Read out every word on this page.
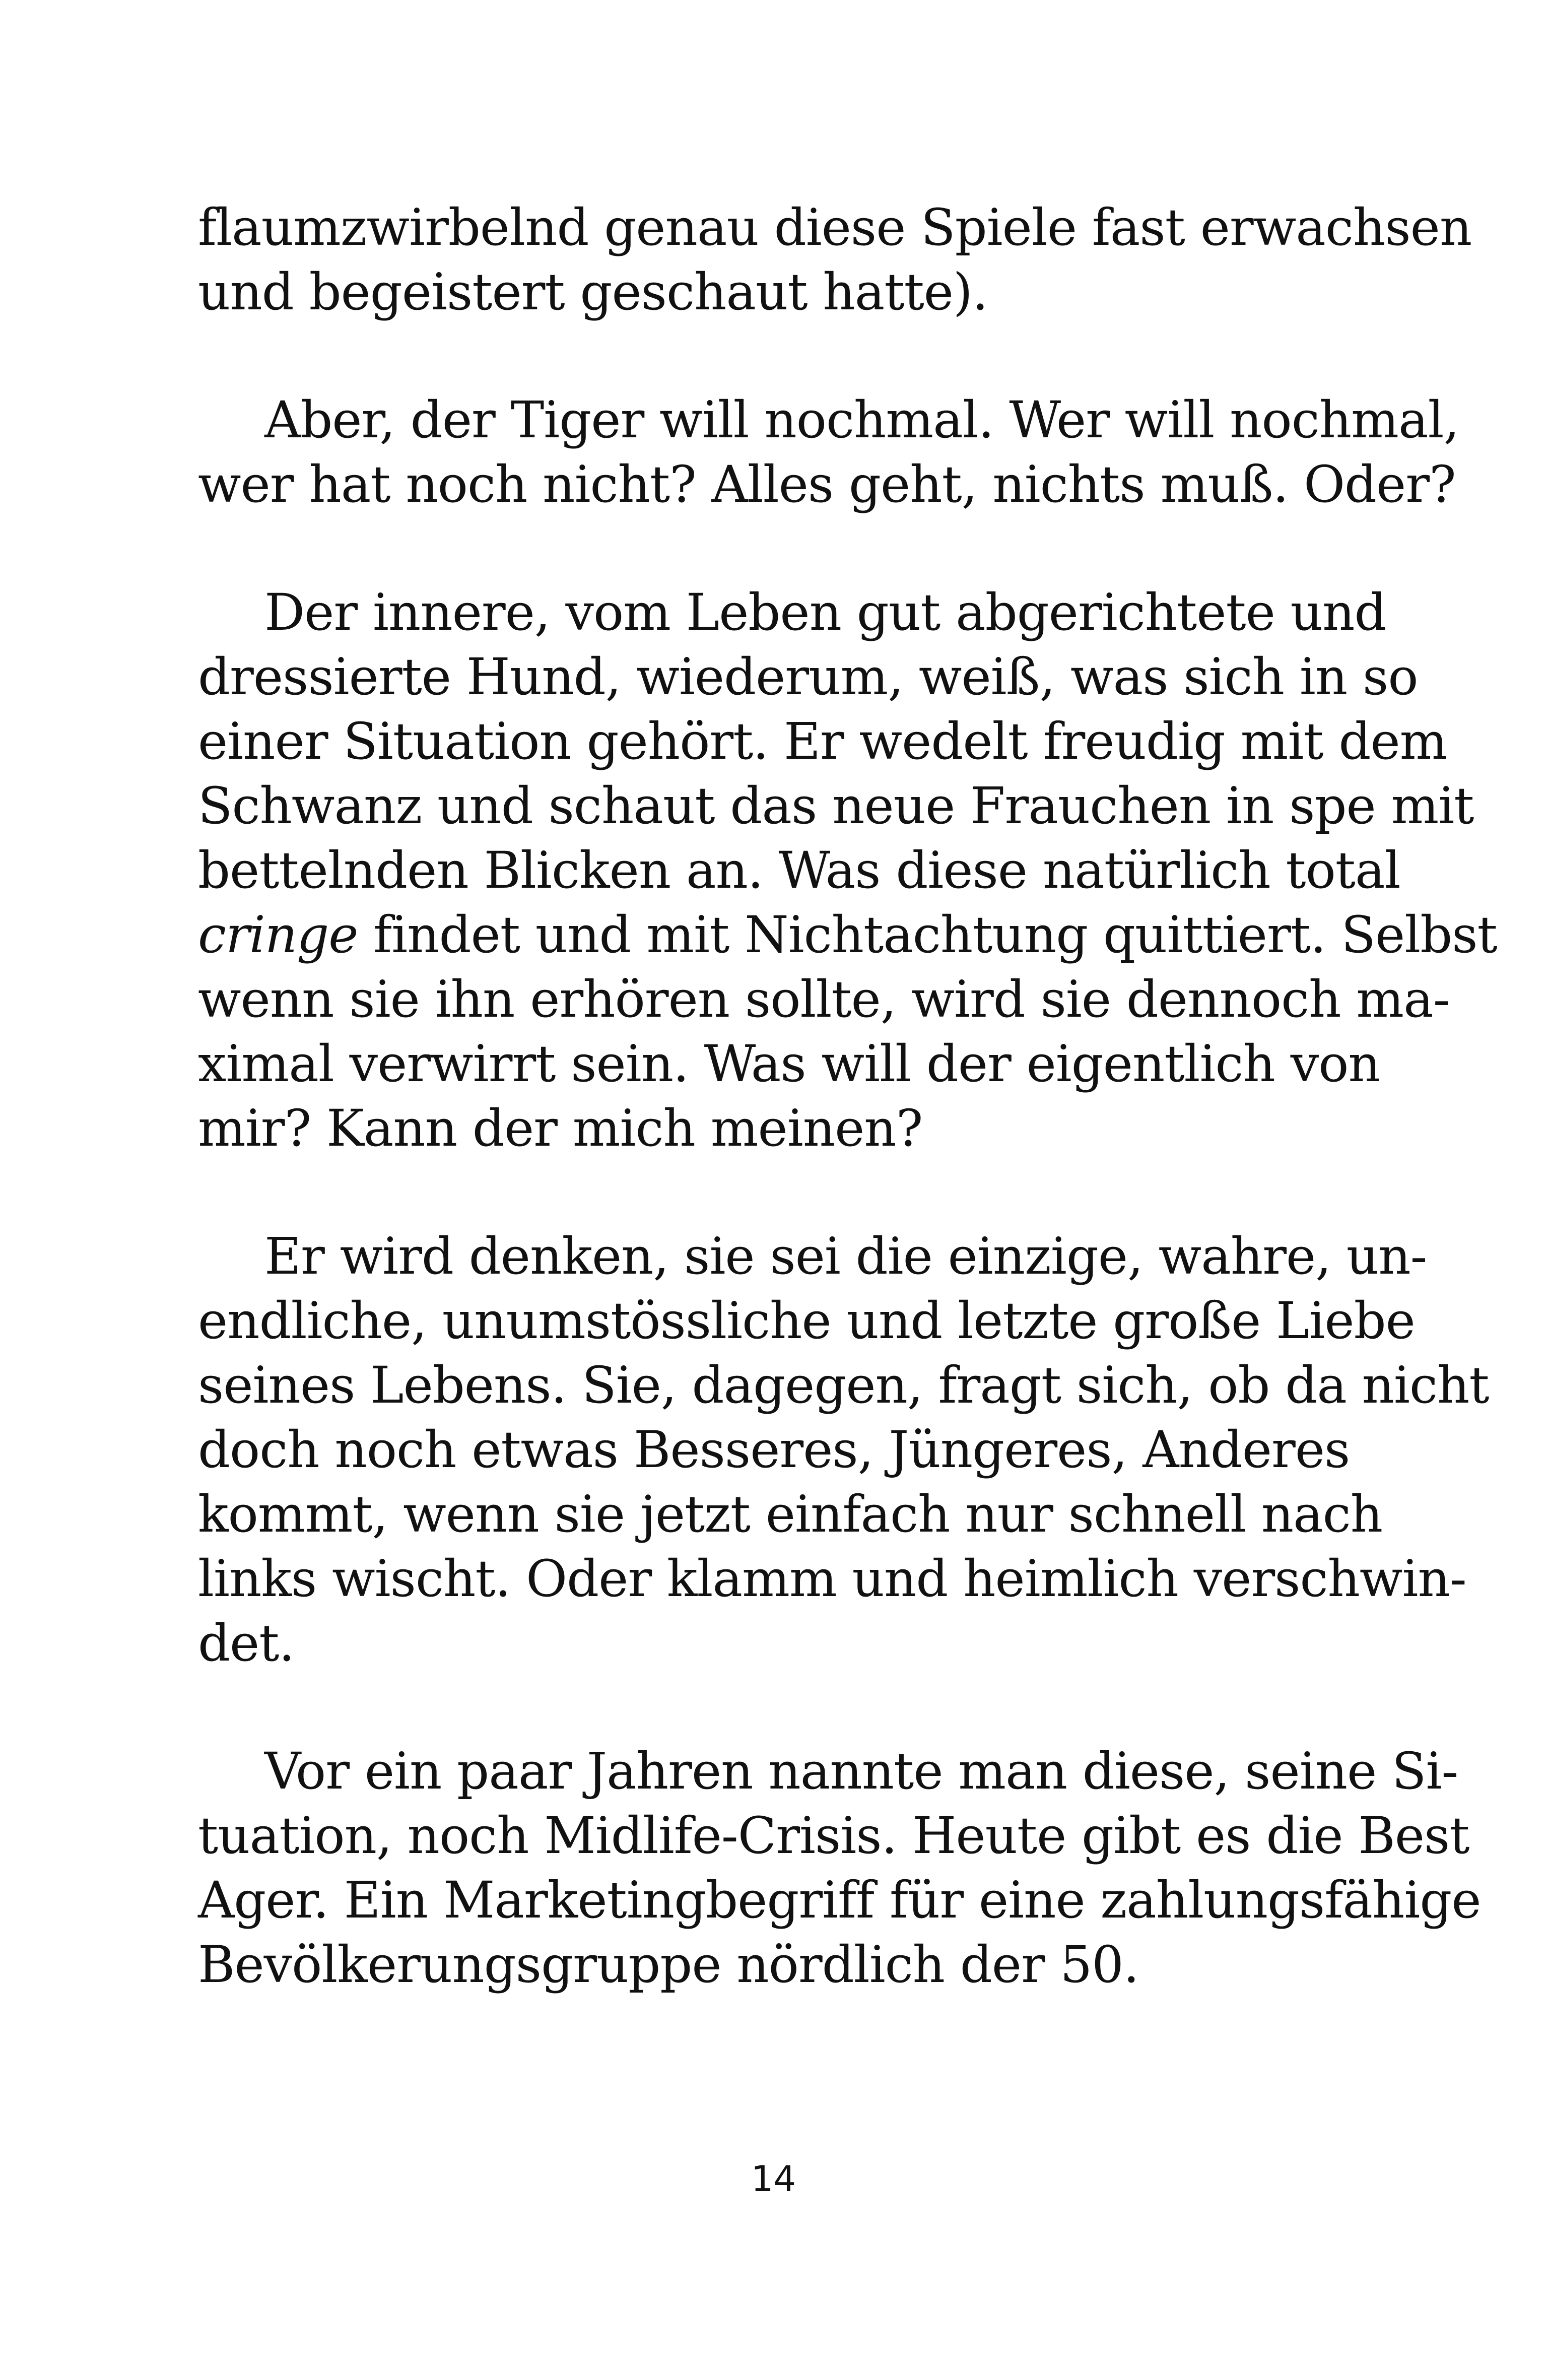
flaumzwirbelnd genau diese Spiele fast erwachsen
und begeistert geschaut hatte).
Aber, der Tiger will nochmal. Wer will nochmal,
wer hat noch nicht? Alles geht, nichts muß. Oder?
Der innere, vom Leben gut abgerichtete und
dressierte Hund, wiederum, weiß, was sich in so
einer Situation gehört. Er wedelt freudig mit dem
Schwanz und schaut das neue Frauchen in spe mit
bettelnden Blicken an. Was diese natürlich total
cringe findet und mit Nichtachtung quittiert. Selbst
wenn sie ihn erhören sollte, wird sie dennoch ma-
ximal verwirrt sein. Was will der eigentlich von
mir? Kann der mich meinen?
Er wird denken, sie sei die einzige, wahre, un-
endliche, unumstössliche und letzte große Liebe
seines Lebens. Sie, dagegen, fragt sich, ob da nicht
doch noch etwas Besseres, Jüngeres, Anderes
kommt, wenn sie jetzt einfach nur schnell nach
links wischt. Oder klamm und heimlich verschwin-
det.
Vor ein paar Jahren nannte man diese, seine Si-
tuation, noch Midlife-Crisis. Heute gibt es die Best
Ager. Ein Marketingbegriff für eine zahlungsfähige
Bevölkerungsgruppe nördlich der 50.
14
